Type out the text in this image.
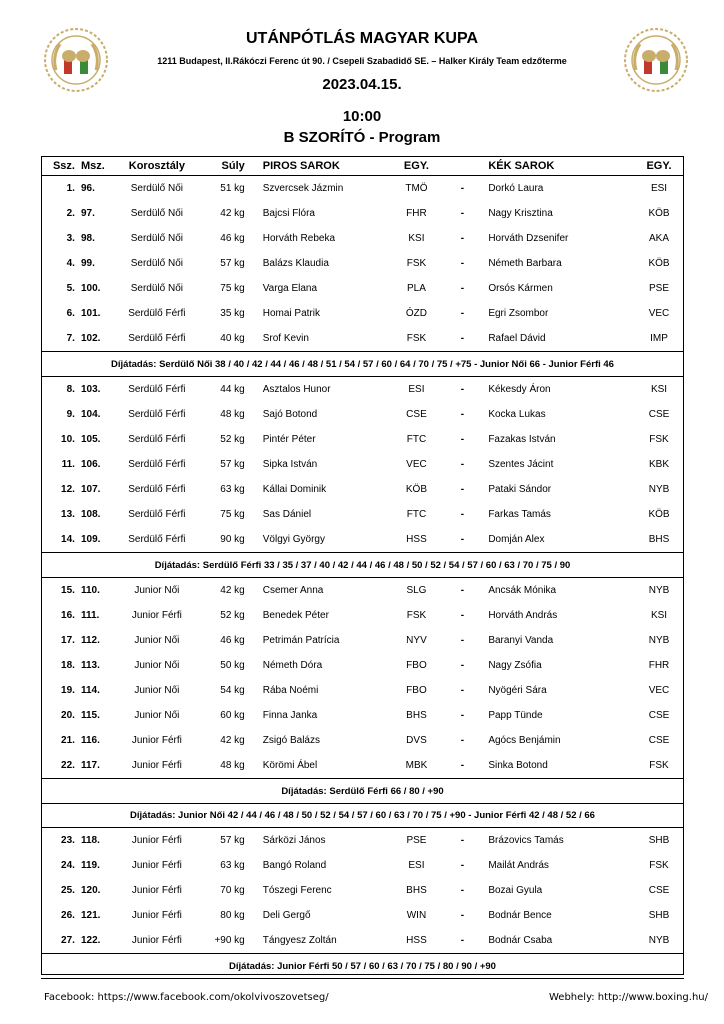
UTÁNPÓTLÁS MAGYAR KUPA
1211 Budapest, II.Rákóczi Ferenc út 90. / Csepeli Szabadidő SE. – Halker Király Team edzőterme
2023.04.15.
10:00
B SZORÍTÓ - Program
Ssz.	Msz.	Korosztály	Súly	PIROS SAROK	EGY.		KÉK SAROK	EGY.
1.	96.	Serdülő Női	51 kg	Szvercsek Jázmin	TMÖ	-	Dorkó Laura	ESI
2.	97.	Serdülő Női	42 kg	Bajcsi Flóra	FHR	-	Nagy Krisztina	KÖB
3.	98.	Serdülő Női	46 kg	Horváth Rebeka	KSI	-	Horváth Dzsenifer	AKA
4.	99.	Serdülő Női	57 kg	Balázs Klaudia	FSK	-	Németh Barbara	KÖB
5.	100.	Serdülő Női	75 kg	Varga Elana	PLA	-	Orsós Kármen	PSE
6.	101.	Serdülő Férfi	35 kg	Homai Patrik	ÓZD	-	Egri Zsombor	VEC
7.	102.	Serdülő Férfi	40 kg	Srof Kevin	FSK	-	Rafael Dávid	IMP
Díjátadás: Serdülő Női 38 / 40 / 42 / 44 / 46 / 48 / 51 / 54 / 57 / 60 / 64 / 70 / 75 / +75 - Junior Női 66 - Junior Férfi 46								
8.	103.	Serdülő Férfi	44 kg	Asztalos Hunor	ESI	-	Kékesdy Áron	KSI
9.	104.	Serdülő Férfi	48 kg	Sajó Botond	CSE	-	Kocka Lukas	CSE
10.	105.	Serdülő Férfi	52 kg	Pintér Péter	FTC	-	Fazakas István	FSK
11.	106.	Serdülő Férfi	57 kg	Sipka István	VEC	-	Szentes Jácint	KBK
12.	107.	Serdülő Férfi	63 kg	Kállai Dominik	KÖB	-	Pataki Sándor	NYB
13.	108.	Serdülő Férfi	75 kg	Sas Dániel	FTC	-	Farkas Tamás	KÖB
14.	109.	Serdülő Férfi	90 kg	Völgyi György	HSS	-	Domján Alex	BHS
Díjátadás: Serdülő Férfi 33 / 35 / 37 / 40 / 42 / 44 / 46 / 48 / 50 / 52 / 54 / 57 / 60 / 63 / 70 / 75 / 90								
15.	110.	Junior Női	42 kg	Csemer Anna	SLG	-	Ancsák Mónika	NYB
16.	111.	Junior Férfi	52 kg	Benedek Péter	FSK	-	Horváth András	KSI
17.	112.	Junior Női	46 kg	Petrimán Patrícia	NYV	-	Baranyi Vanda	NYB
18.	113.	Junior Női	50 kg	Németh Dóra	FBO	-	Nagy Zsófia	FHR
19.	114.	Junior Női	54 kg	Rába Noémi	FBO	-	Nyögéri Sára	VEC
20.	115.	Junior Női	60 kg	Finna Janka	BHS	-	Papp Tünde	CSE
21.	116.	Junior Férfi	42 kg	Zsigó Balázs	DVS	-	Agócs Benjámin	CSE
22.	117.	Junior Férfi	48 kg	Körömi Ábel	MBK	-	Sinka Botond	FSK
Díjátadás: Serdülő Férfi 66 / 80 / +90								
Díjátadás: Junior Női 42 / 44 / 46 / 48 / 50 / 52 / 54 / 57 / 60 / 63 / 70 / 75 / +90 - Junior Férfi 42 / 48 / 52 / 66								
23.	118.	Junior Férfi	57 kg	Sárközi János	PSE	-	Brázovics Tamás	SHB
24.	119.	Junior Férfi	63 kg	Bangó Roland	ESI	-	Mailát András	FSK
25.	120.	Junior Férfi	70 kg	Tószegi Ferenc	BHS	-	Bozai Gyula	CSE
26.	121.	Junior Férfi	80 kg	Deli Gergő	WIN	-	Bodnár Bence	SHB
27.	122.	Junior Férfi	+90 kg	Tángyesz Zoltán	HSS	-	Bodnár Csaba	NYB
Díjátadás: Junior Férfi 50 / 57 / 60 / 63 / 70 / 75 / 80 / 90 / +90								
Facebook: https://www.facebook.com/okolvivoszovetseg/	Webhely: http://www.boxing.hu/
